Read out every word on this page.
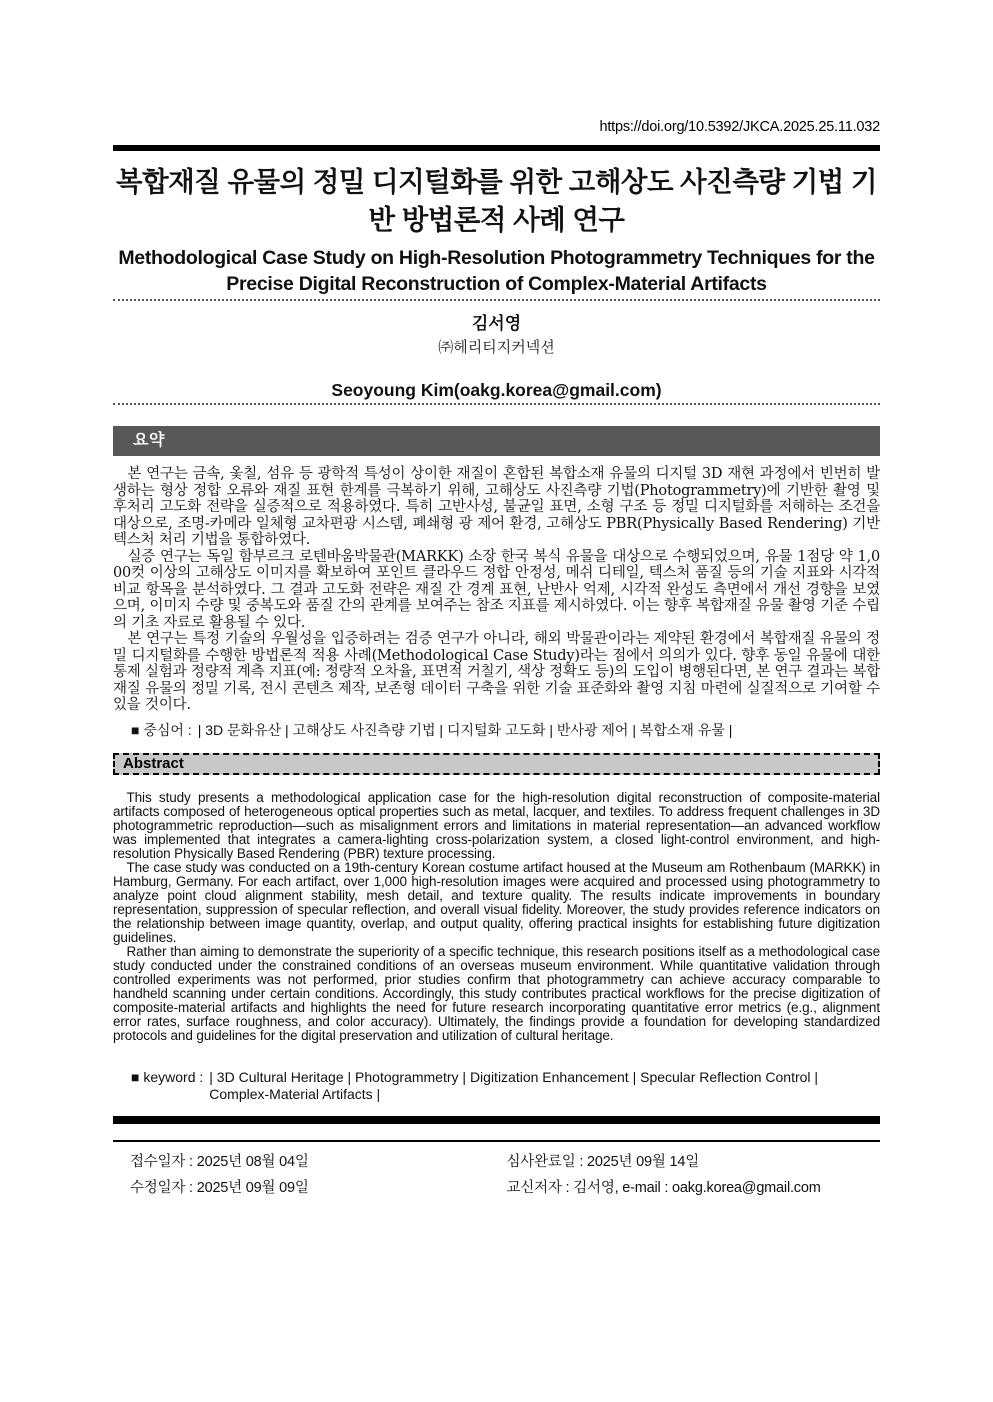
https://doi.org/10.5392/JKCA.2025.25.11.032
복합재질 유물의 정밀 디지털화를 위한 고해상도 사진측량 기법 기반 방법론적 사례 연구
Methodological Case Study on High-Resolution Photogrammetry Techniques for the Precise Digital Reconstruction of Complex-Material Artifacts
김서영
㈜헤리티지커넥션
Seoyoung Kim(oakg.korea@gmail.com)
요약

본 연구는 금속, 옻칠, 섬유 등 광학적 특성이 상이한 재질이 혼합된 복합소재 유물의 디지털 3D 재현 과정에서 빈번히 발생하는 형상 정합 오류와 재질 표현 한계를 극복하기 위해, 고해상도 사진측량 기법(Photogrammetry)에 기반한 촬영 및 후처리 고도화 전략을 실증적으로 적용하였다. 특히 고반사성, 불균일 표면, 소형 구조 등 정밀 디지털화를 저해하는 조건을 대상으로, 조명-카메라 일체형 교차편광 시스템, 폐쇄형 광 제어 환경, 고해상도 PBR(Physically Based Rendering) 기반 텍스처 처리 기법을 통합하였다.

실증 연구는 독일 함부르크 로텐바움박물관(MARKK) 소장 한국 복식 유물을 대상으로 수행되었으며, 유물 1점당 약 1,000컷 이상의 고해상도 이미지를 확보하여 포인트 클라우드 정합 안정성, 메쉬 디테일, 텍스처 품질 등의 기술 지표와 시각적 비교 항목을 분석하였다. 그 결과 고도화 전략은 재질 간 경계 표현, 난반사 억제, 시각적 완성도 측면에서 개선 경향을 보였으며, 이미지 수량 및 중복도와 품질 간의 관계를 보여주는 참조 지표를 제시하였다. 이는 향후 복합재질 유물 촬영 기준 수립의 기초 자료로 활용될 수 있다.

본 연구는 특정 기술의 우월성을 입증하려는 검증 연구가 아니라, 해외 박물관이라는 제약된 환경에서 복합재질 유물의 정밀 디지털화를 수행한 방법론적 적용 사례(Methodological Case Study)라는 점에서 의의가 있다. 향후 동일 유물에 대한 통제 실험과 정량적 계측 지표(예: 정량적 오차율, 표면적 거칠기, 색상 정확도 등)의 도입이 병행된다면, 본 연구 결과는 복합재질 유물의 정밀 기록, 전시 콘텐츠 제작, 보존형 데이터 구축을 위한 기술 표준화와 촬영 지침 마련에 실질적으로 기여할 수 있을 것이다.

■ 중심어 : | 3D 문화유산 | 고해상도 사진측량 기법 | 디지털화 고도화 | 반사광 제어 | 복합소재 유물 |
Abstract

This study presents a methodological application case for the high-resolution digital reconstruction of composite-material artifacts composed of heterogeneous optical properties such as metal, lacquer, and textiles. To address frequent challenges in 3D photogrammetric reproduction—such as misalignment errors and limitations in material representation—an advanced workflow was implemented that integrates a camera-lighting cross-polarization system, a closed light-control environment, and high-resolution Physically Based Rendering (PBR) texture processing.

The case study was conducted on a 19th-century Korean costume artifact housed at the Museum am Rothenbaum (MARKK) in Hamburg, Germany. For each artifact, over 1,000 high-resolution images were acquired and processed using photogrammetry to analyze point cloud alignment stability, mesh detail, and texture quality. The results indicate improvements in boundary representation, suppression of specular reflection, and overall visual fidelity. Moreover, the study provides reference indicators on the relationship between image quantity, overlap, and output quality, offering practical insights for establishing future digitization guidelines.

Rather than aiming to demonstrate the superiority of a specific technique, this research positions itself as a methodological case study conducted under the constrained conditions of an overseas museum environment. While quantitative validation through controlled experiments was not performed, prior studies confirm that photogrammetry can achieve accuracy comparable to handheld scanning under certain conditions. Accordingly, this study contributes practical workflows for the precise digitization of composite-material artifacts and highlights the need for future research incorporating quantitative error metrics (e.g., alignment error rates, surface roughness, and color accuracy). Ultimately, the findings provide a foundation for developing standardized protocols and guidelines for the digital preservation and utilization of cultural heritage.

■ keyword : | 3D Cultural Heritage | Photogrammetry | Digitization Enhancement | Specular Reflection Control | Complex-Material Artifacts |
접수일자 : 2025년 08월 04일	심사완료일 : 2025년 09월 14일
수정일자 : 2025년 09월 09일	교신저자 : 김서영, e-mail : oakg.korea@gmail.com
